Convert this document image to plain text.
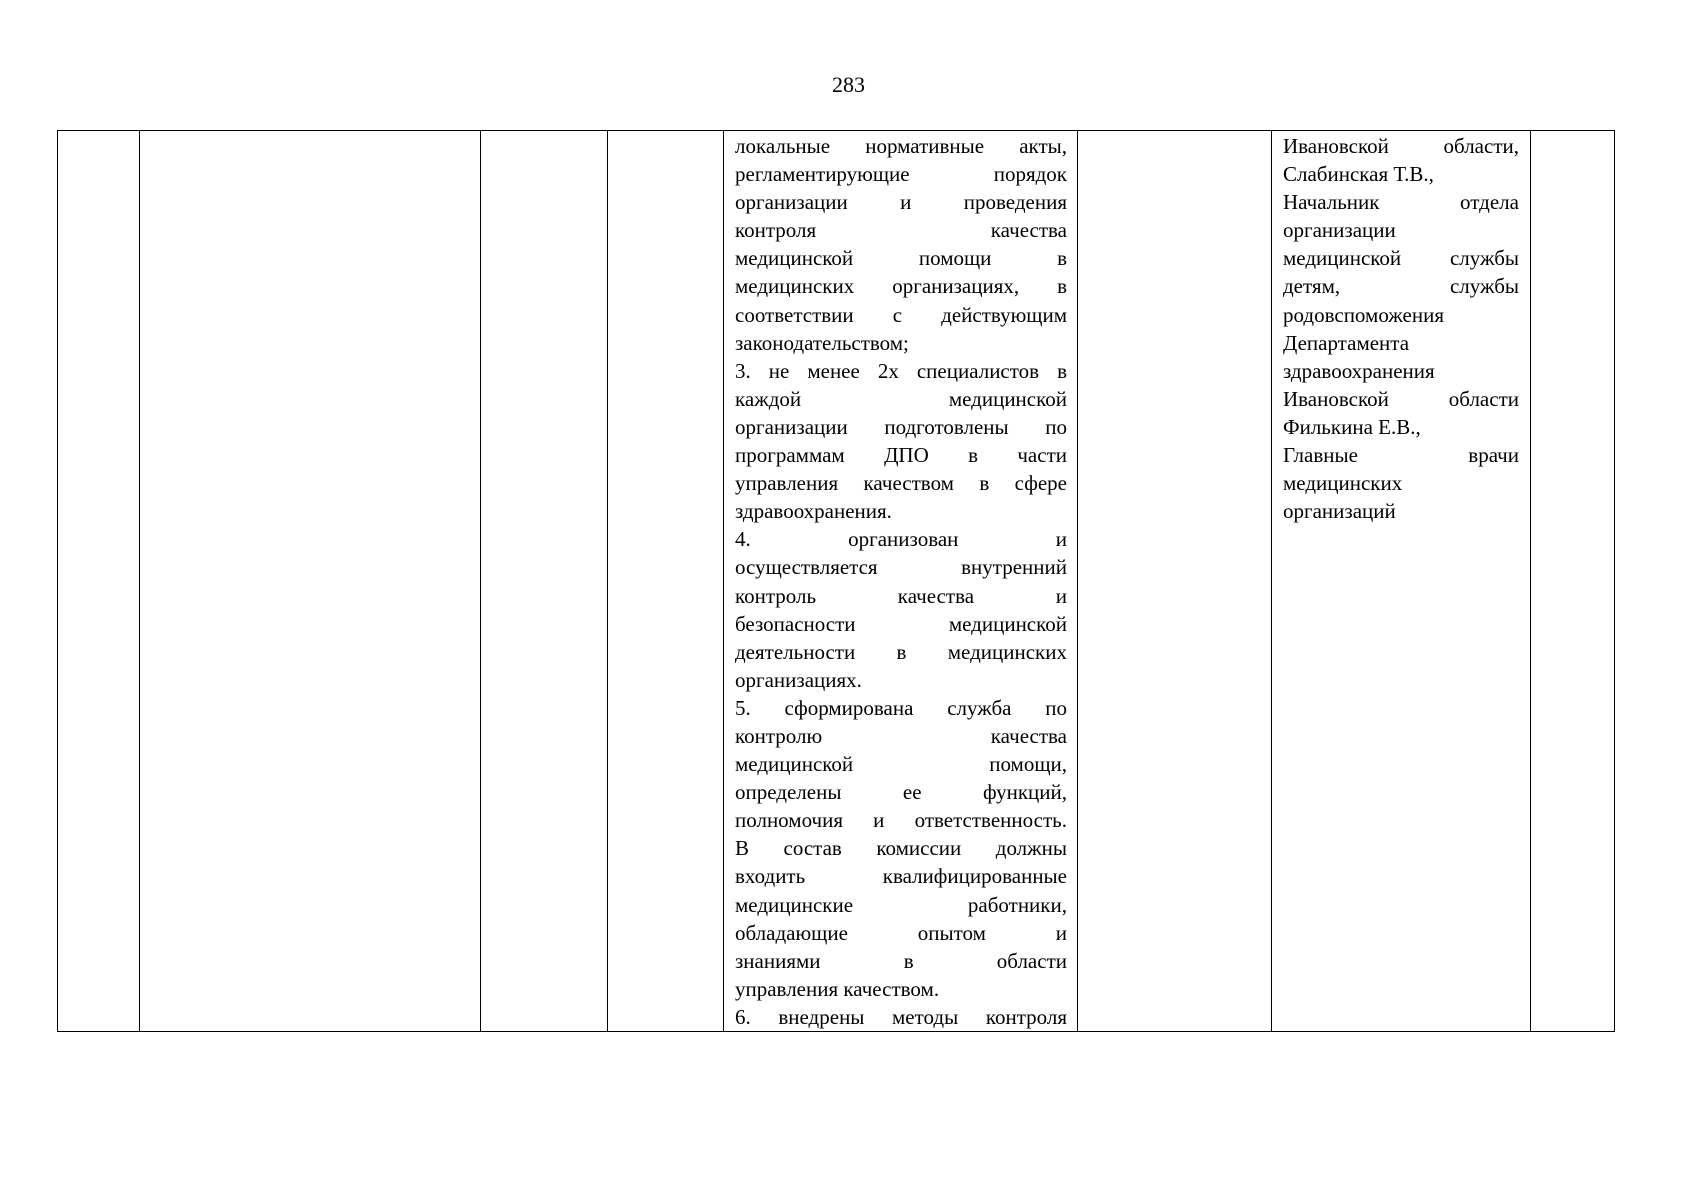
283

локальные нормативные акты,
регламентирующие порядок
организации и проведения
контроля качества
медицинской помощи в
медицинских организациях, в
соответствии с действующим
законодательством;
3. не менее 2х специалистов в
каждой медицинской
организации подготовлены по
программам ДПО в части
управления качеством в сфере
здравоохранения.
4. организован и
осуществляется внутренний
контроль качества и
безопасности медицинской
деятельности в медицинских
организациях.
5. сформирована служба по
контролю качества
медицинской помощи,
определены ее функций,
полномочия и ответственность.
В состав комиссии должны
входить квалифицированные
медицинские работники,
обладающие опытом и
знаниями в области
управления качеством.
6. внедрены методы контроля

Ивановской области,
Слабинская Т.В.,
Начальник отдела
организации
медицинской службы
детям, службы
родовспоможения
Департамента
здравоохранения
Ивановской области
Филькина Е.В.,
Главные врачи
медицинских
организаций
